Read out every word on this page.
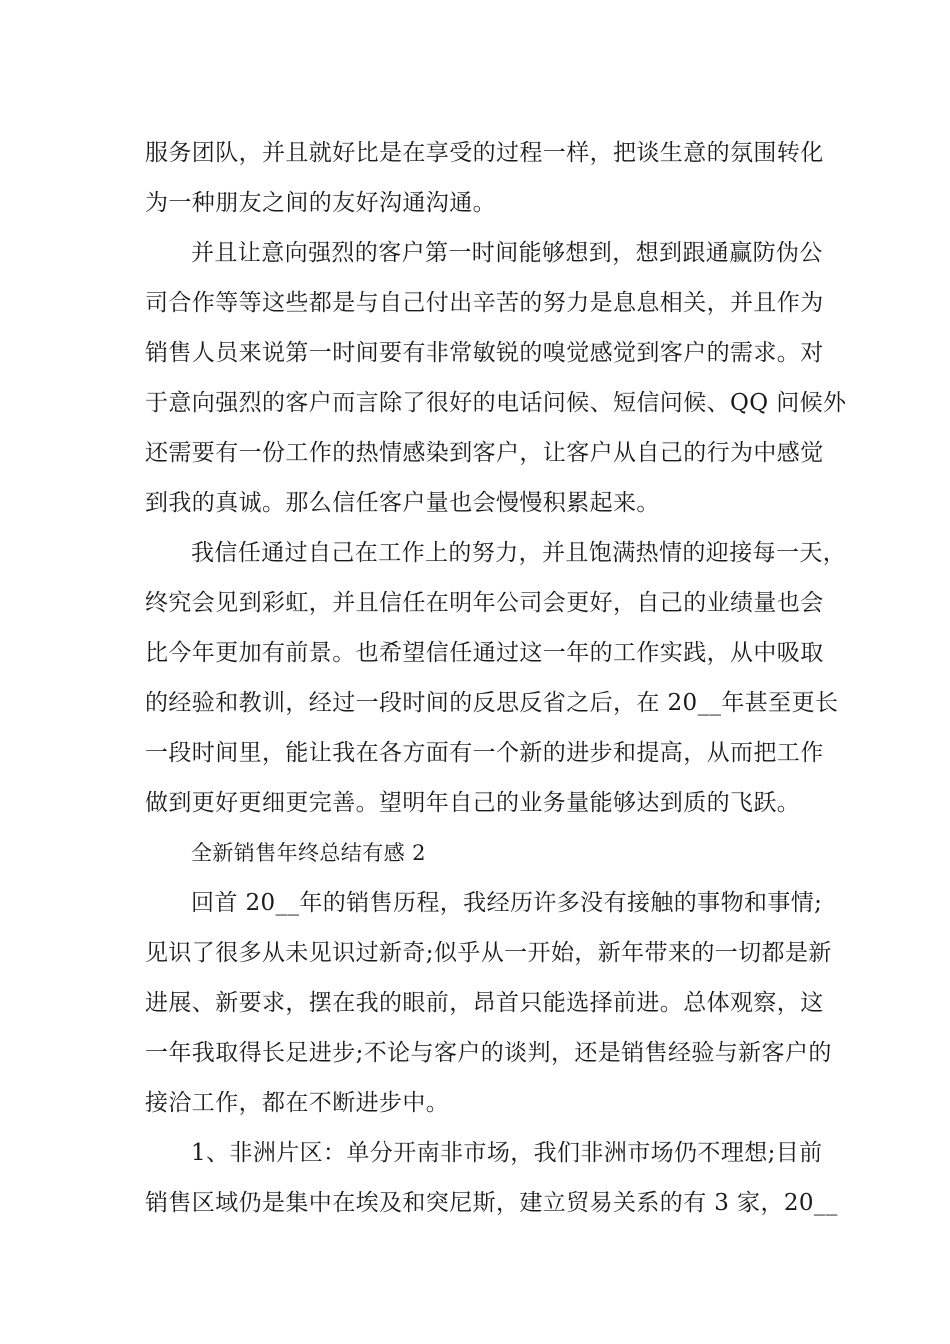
服务团队，并且就好比是在享受的过程一样，把谈生意的氛围转化
为一种朋友之间的友好沟通沟通。
并且让意向强烈的客户第一时间能够想到，想到跟通赢防伪公
司合作等等这些都是与自己付出辛苦的努力是息息相关，并且作为
销售人员来说第一时间要有非常敏锐的嗅觉感觉到客户的需求。对
于意向强烈的客户而言除了很好的电话问候、短信问候、QQ 问候外
还需要有一份工作的热情感染到客户，让客户从自己的行为中感觉
到我的真诚。那么信任客户量也会慢慢积累起来。
我信任通过自己在工作上的努力，并且饱满热情的迎接每一天，
终究会见到彩虹，并且信任在明年公司会更好，自己的业绩量也会
比今年更加有前景。也希望信任通过这一年的工作实践，从中吸取
的经验和教训，经过一段时间的反思反省之后，在 20__年甚至更长
一段时间里，能让我在各方面有一个新的进步和提高，从而把工作
做到更好更细更完善。望明年自己的业务量能够达到质的飞跃。
全新销售年终总结有感 2
回首 20__年的销售历程，我经历许多没有接触的事物和事情;
见识了很多从未见识过新奇;似乎从一开始，新年带来的一切都是新
进展、新要求，摆在我的眼前，昂首只能选择前进。总体观察，这
一年我取得长足进步;不论与客户的谈判，还是销售经验与新客户的
接洽工作，都在不断进步中。
1、非洲片区：单分开南非市场，我们非洲市场仍不理想;目前
销售区域仍是集中在埃及和突尼斯，建立贸易关系的有 3 家，20__
